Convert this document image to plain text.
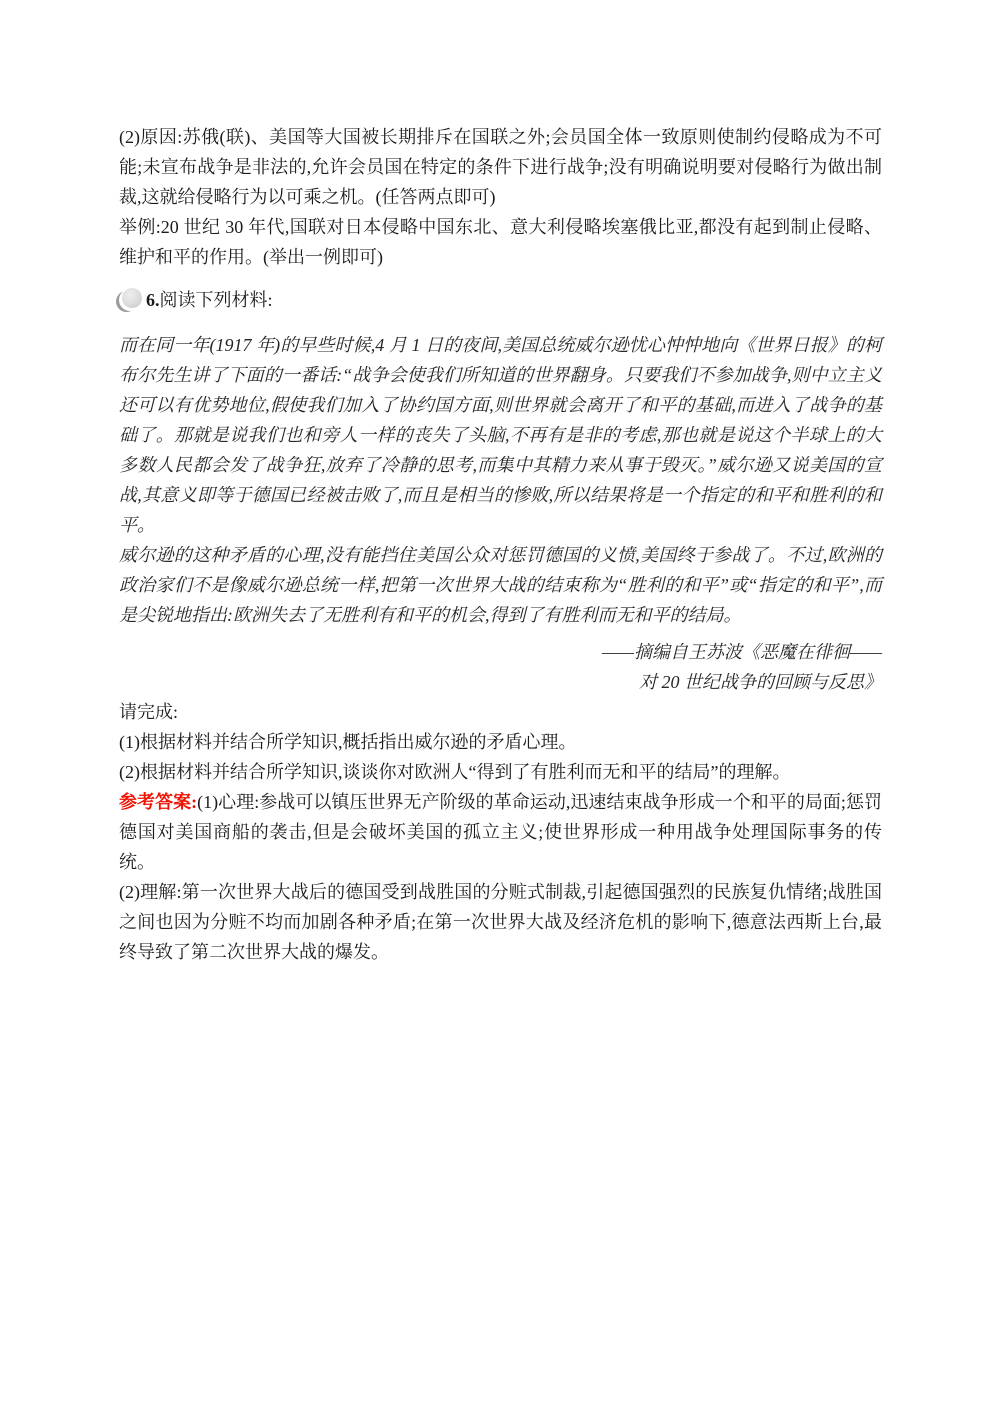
(2)原因:苏俄(联)、美国等大国被长期排斥在国联之外;会员国全体一致原则使制约侵略成为不可能;未宣布战争是非法的,允许会员国在特定的条件下进行战争;没有明确说明要对侵略行为做出制裁,这就给侵略行为以可乘之机。(任答两点即可)

举例:20 世纪 30 年代,国联对日本侵略中国东北、意大利侵略埃塞俄比亚,都没有起到制止侵略、维护和平的作用。(举出一例即可)

6.阅读下列材料:

而在同一年(1917 年)的早些时候,4 月 1 日的夜间,美国总统威尔逊忧心忡忡地向《世界日报》的柯布尔先生讲了下面的一番话:“战争会使我们所知道的世界翻身。只要我们不参加战争,则中立主义还可以有优势地位,假使我们加入了协约国方面,则世界就会离开了和平的基础,而进入了战争的基础了。那就是说我们也和旁人一样的丧失了头脑,不再有是非的考虑,那也就是说这个半球上的大多数人民都会发了战争狂,放弃了冷静的思考,而集中其精力来从事于毁灭。”威尔逊又说美国的宣战,其意义即等于德国已经被击败了,而且是相当的惨败,所以结果将是一个指定的和平和胜利的和平。

威尔逊的这种矛盾的心理,没有能挡住美国公众对惩罚德国的义愤,美国终于参战了。不过,欧洲的政治家们不是像威尔逊总统一样,把第一次世界大战的结束称为“胜利的和平”或“指定的和平”,而是尖锐地指出:欧洲失去了无胜利有和平的机会,得到了有胜利而无和平的结局。

——摘编自王苏波《恶魔在徘徊——

对 20 世纪战争的回顾与反思》

请完成:

(1)根据材料并结合所学知识,概括指出威尔逊的矛盾心理。

(2)根据材料并结合所学知识,谈谈你对欧洲人“得到了有胜利而无和平的结局”的理解。

参考答案:(1)心理:参战可以镇压世界无产阶级的革命运动,迅速结束战争形成一个和平的局面;惩罚德国对美国商船的袭击,但是会破坏美国的孤立主义;使世界形成一种用战争处理国际事务的传统。

(2)理解:第一次世界大战后的德国受到战胜国的分赃式制裁,引起德国强烈的民族复仇情绪;战胜国之间也因为分赃不均而加剧各种矛盾;在第一次世界大战及经济危机的影响下,德意法西斯上台,最终导致了第二次世界大战的爆发。
